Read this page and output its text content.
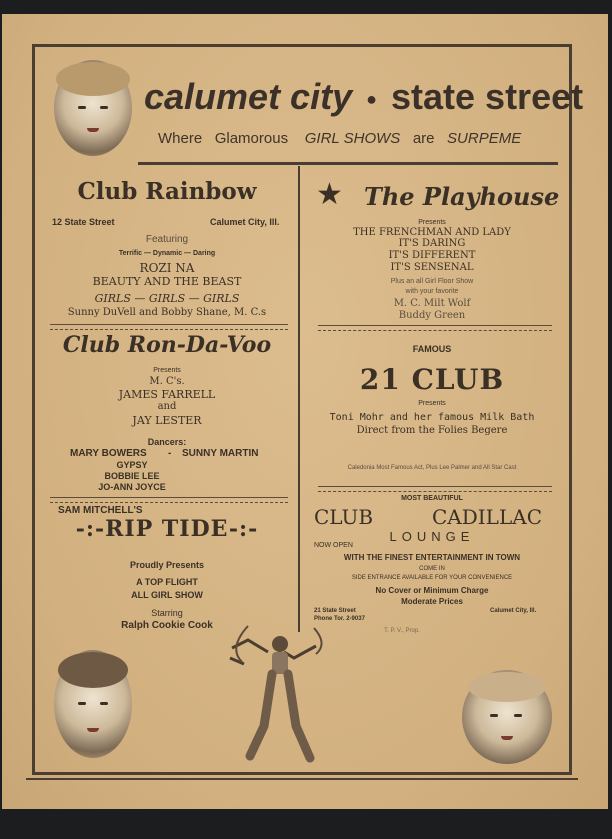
calumet city ● state street
Where Glamorous GIRL SHOWS are SURPEME
Club Rainbow
12 State Street	Calumet City, Ill.
Featuring
Terrific — Dynamic — Daring
ROZI NA
BEAUTY AND THE BEAST
GIRLS — GIRLS — GIRLS
Sunny DuVell and Bobby Shane, M. C.s
Club Ron-Da-Voo
Presents
M. C's.
JAMES FARRELL
and
JAY LESTER
Dancers:
MARY BOWERS - SUNNY MARTIN
GYPSY
BOBBIE LEE
JO-ANN JOYCE
SAM MITCHELL'S
-:-RIP TIDE-:-
Proudly Presents
A TOP FLIGHT
ALL GIRL SHOW
Starring
Ralph Cookie Cook
★ The Playhouse
Presents
THE FRENCHMAN AND LADY
IT'S DARING
IT'S DIFFERENT
IT'S SENSENAL
Plus an all Girl Floor Show
with your favorite
M. C. Milt Wolf
Buddy Green
FAMOUS
21 CLUB
Presents
Toni Mohr and her famous Milk Bath
Direct from the Folies Begere
Caledonia Most Famous Act, Plus Lee Palmer and All Star Cast
MOST BEAUTIFUL
CLUB	CADILLAC
LOUNGE
NOW OPEN
WITH THE FINEST ENTERTAINMENT IN TOWN
COME IN
SIDE ENTRANCE AVAILABLE FOR YOUR CONVENIENCE
No Cover or Minimum Charge
Moderate Prices
21 State Street
Phone Tor. 2-9037
Calumet City, Ill.
T. P. V., Prop.
